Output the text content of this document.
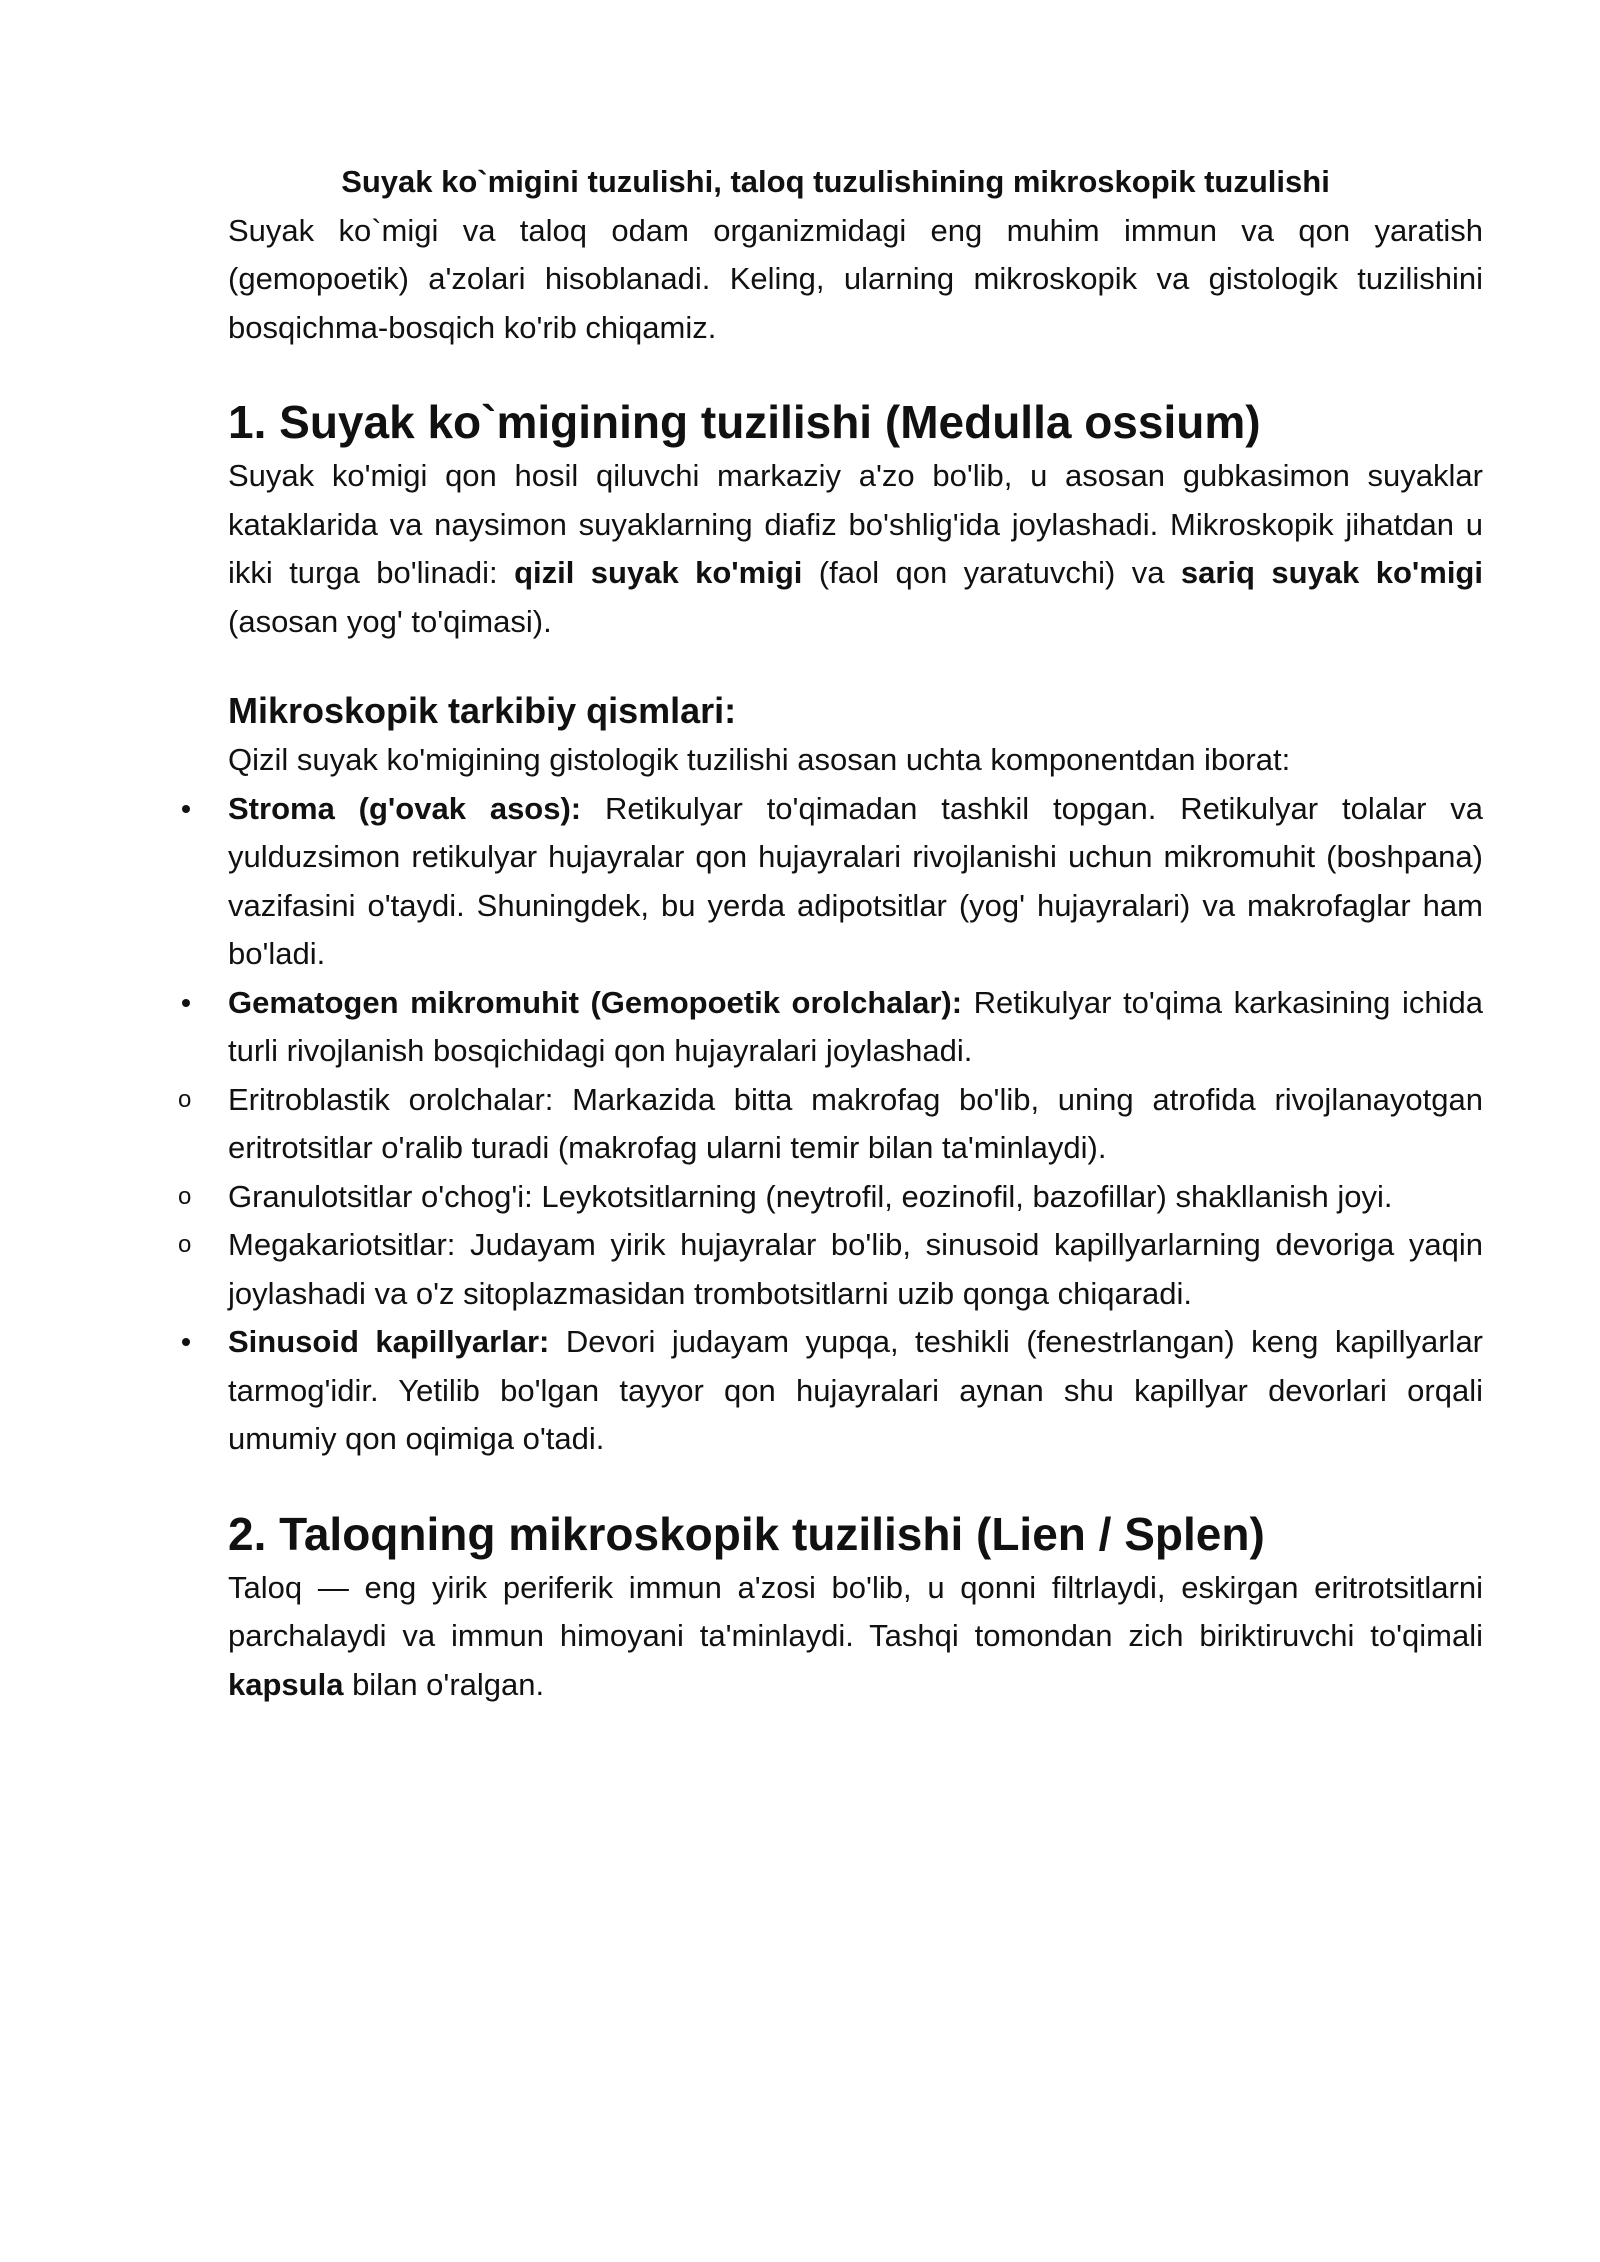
Suyak ko`migini tuzulishi, taloq tuzulishining mikroskopik tuzulishi

Suyak ko`migi va taloq odam organizmidagi eng muhim immun va qon yaratish (gemopoetik) a'zolari hisoblanadi. Keling, ularning mikroskopik va gistologik tuzilishini bosqichma-bosqich ko'rib chiqamiz.

1. Suyak ko`migining tuzilishi (Medulla ossium)

Suyak ko'migi qon hosil qiluvchi markaziy a'zo bo'lib, u asosan gubkasimon suyaklar kataklarida va naysimon suyaklarning diafiz bo'shlig'ida joylashadi. Mikroskopik jihatdan u ikki turga bo'linadi: qizil suyak ko'migi (faol qon yaratuvchi) va sariq suyak ko'migi (asosan yog' to'qimasi).

Mikroskopik tarkibiy qismlari:

Qizil suyak ko'migining gistologik tuzilishi asosan uchta komponentdan iborat:

Stroma (g'ovak asos): Retikulyar to'qimadan tashkil topgan. Retikulyar tolalar va yulduzsimon retikulyar hujayralar qon hujayralari rivojlanishi uchun mikromuhit (boshpana) vazifasini o'taydi. Shuningdek, bu yerda adipotsitlar (yog' hujayralari) va makrofaglar ham bo'ladi.
Gematogen mikromuhit (Gemopoetik orolchalar): Retikulyar to'qima karkasining ichida turli rivojlanish bosqichidagi qon hujayralari joylashadi.
o Eritroblastik orolchalar: Markazida bitta makrofag bo'lib, uning atrofida rivojlanayotgan eritrotsitlar o'ralib turadi (makrofag ularni temir bilan ta'minlaydi).
o Granulotsitlar o'chog'i: Leykotsitlarning (neytrofil, eozinofil, bazofillar) shakllanish joyi.
o Megakariotsitlar: Judayam yirik hujayralar bo'lib, sinusoid kapillyarlarning devoriga yaqin joylashadi va o'z sitoplazmasidan trombotsitlarni uzib qonga chiqaradi.
Sinusoid kapillyarlar: Devori judayam yupqa, teshikli (fenestrlangan) keng kapillyarlar tarmog'idir. Yetilib bo'lgan tayyor qon hujayralari aynan shu kapillyar devorlari orqali umumiy qon oqimiga o'tadi.
2. Taloqning mikroskopik tuzilishi (Lien / Splen)

Taloq — eng yirik periferik immun a'zosi bo'lib, u qonni filtrlaydi, eskirgan eritrotsitlarni parchalaydi va immun himoyani ta'minlaydi. Tashqi tomondan zich biriktiruvchi to'qimali kapsula bilan o'ralgan.
